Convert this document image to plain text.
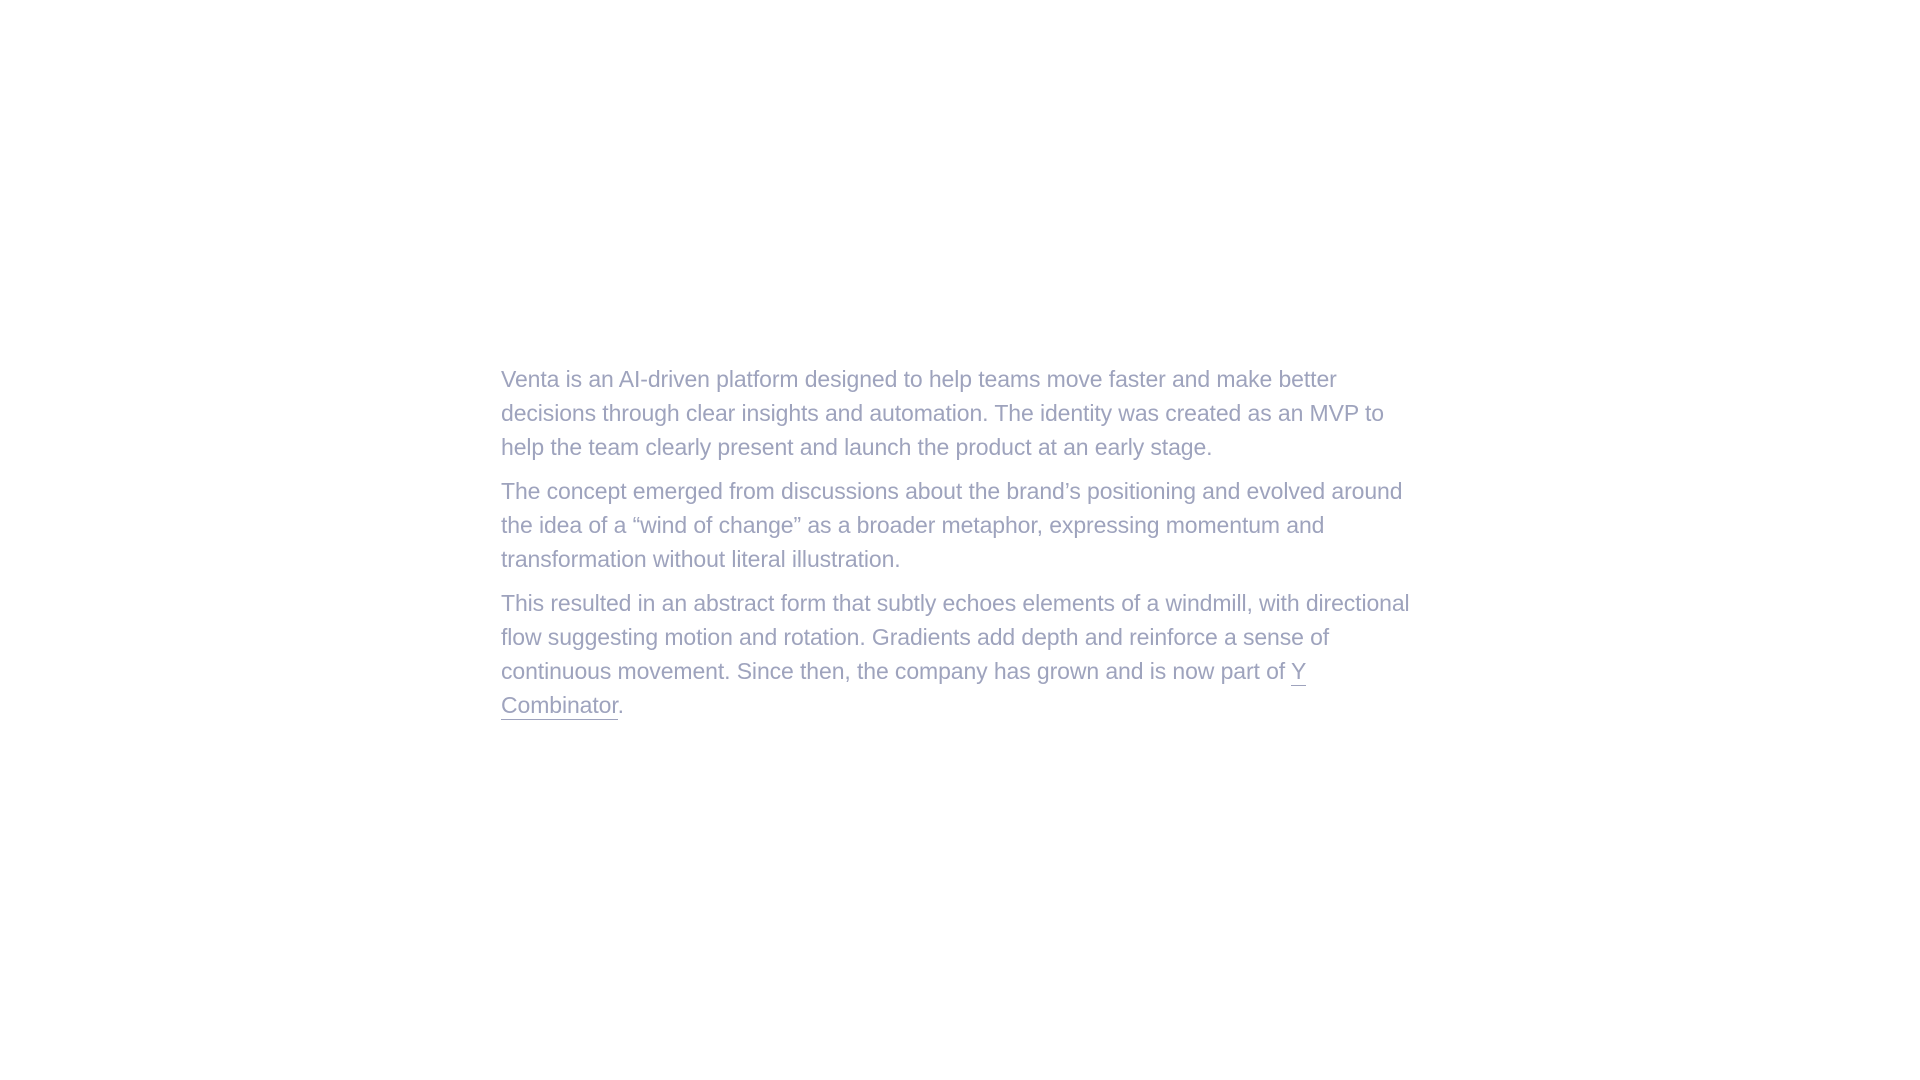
Venta is an AI-driven platform designed to help teams move faster and make better decisions through clear insights and automation. The identity was created as an MVP to help the team clearly present and launch the product at an early stage.

The concept emerged from discussions about the brand’s positioning and evolved around the idea of a “wind of change” as a broader metaphor, expressing momentum and transformation without literal illustration.

This resulted in an abstract form that subtly echoes elements of a windmill, with directional flow suggesting motion and rotation. Gradients add depth and reinforce a sense of continuous movement. Since then, the company has grown and is now part of Y Combinator.
